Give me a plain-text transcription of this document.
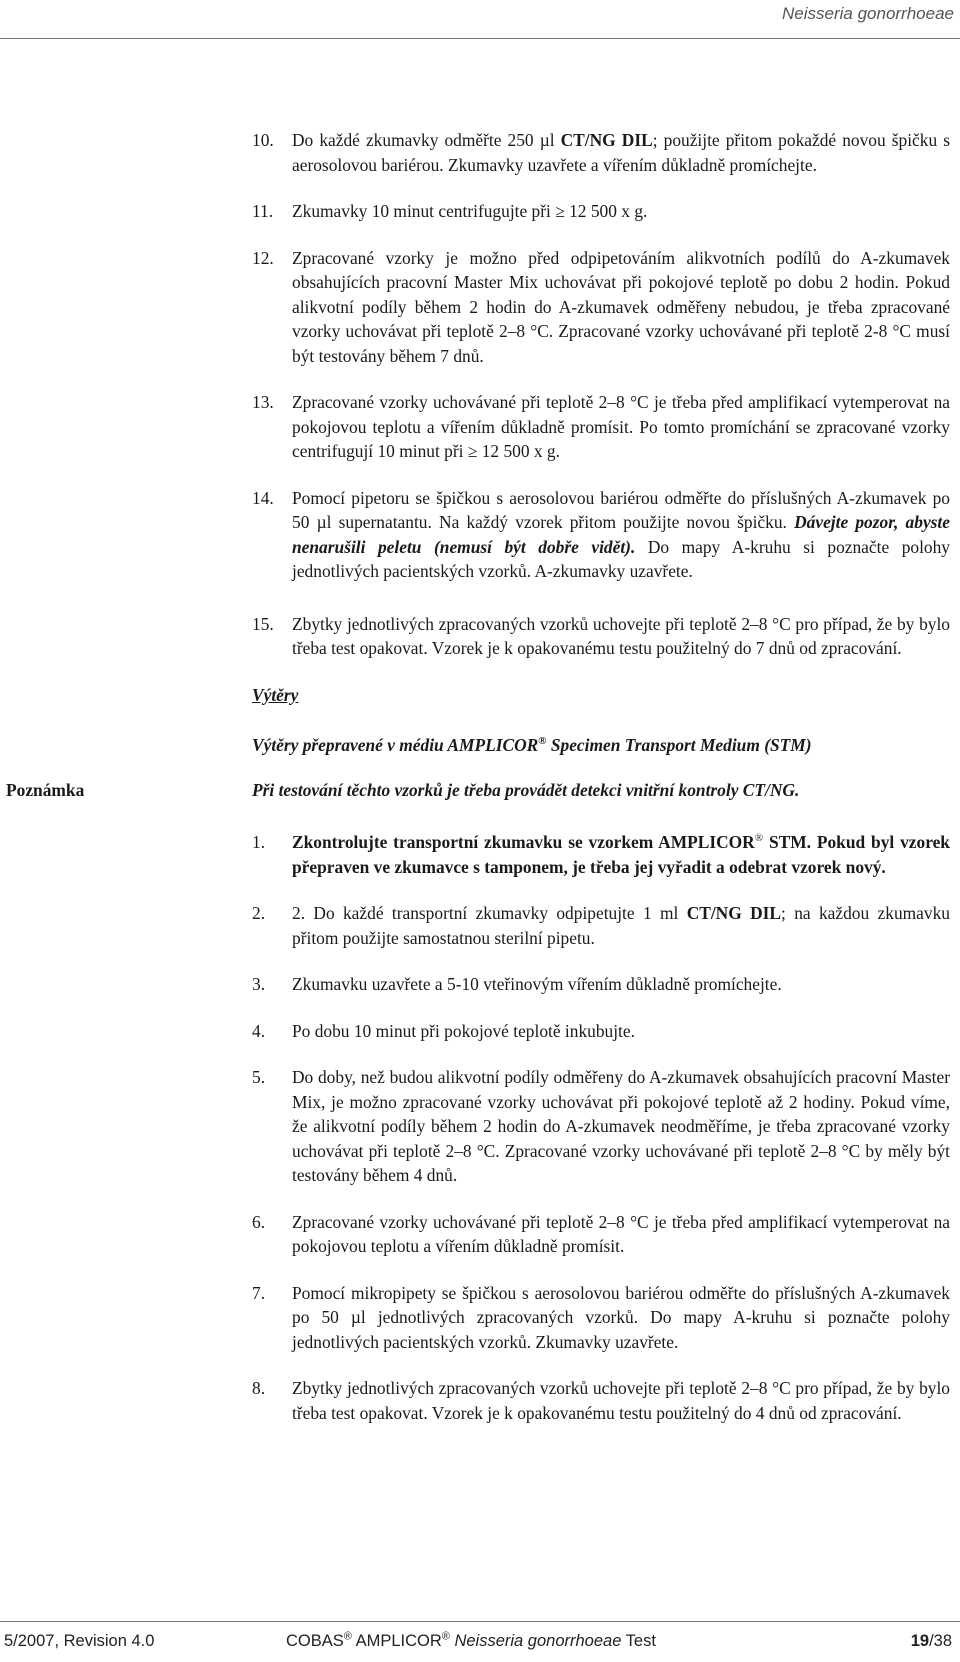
Neisseria gonorrhoeae
10.	Do každé zkumavky odměřte 250 µl CT/NG DIL; použijte přitom pokaždé novou špičku s aerosolovou bariérou. Zkumavky uzavřete a vířením důkladně promíchejte.
11.	Zkumavky 10 minut centrifugujte při ≥ 12 500 x g.
12.	Zpracované vzorky je možno před odpipetováním alikvotních podílů do A-zkumavek obsahujících pracovní Master Mix uchovávat při pokojové teplotě po dobu 2 hodin. Pokud alikvotní podíly během 2 hodin do A-zkumavek odměřeny nebudou, je třeba zpracované vzorky uchovávat při teplotě 2–8 °C. Zpracované vzorky uchovávané při teplotě 2-8 °C musí být testovány během 7 dnů.
13.	Zpracované vzorky uchovávané při teplotě 2–8 °C je třeba před amplifikací vytemperovat na pokojovou teplotu a vířením důkladně promísit. Po tomto promíchání se zpracované vzorky centrifugují 10 minut při ≥ 12 500 x g.
14.	Pomocí pipetoru se špičkou s aerosolovou bariérou odměřte do příslušných A-zkumavek po 50 µl supernatantu. Na každý vzorek přitom použijte novou špičku. Dávejte pozor, abyste nenarušili peletu (nemusí být dobře vidět). Do mapy A-kruhu si poznačte polohy jednotlivých pacientských vzorků. A-zkumavky uzavřete.
15.	Zbytky jednotlivých zpracovaných vzorků uchovejte při teplotě 2–8 °C pro případ, že by bylo třeba test opakovat. Vzorek je k opakovanému testu použitelný do 7 dnů od zpracování.
Výtěry
Výtěry přepravené v médiu AMPLICOR® Specimen Transport Medium (STM)
Poznámka	Při testování těchto vzorků je třeba provádět detekci vnitřní kontroly CT/NG.
1.	Zkontrolujte transportní zkumavku se vzorkem AMPLICOR® STM. Pokud byl vzorek přepraven ve zkumavce s tamponem, je třeba jej vyřadit a odebrat vzorek nový.
2.	2. Do každé transportní zkumavky odpipetujte 1 ml CT/NG DIL; na každou zkumavku přitom použijte samostatnou sterilní pipetu.
3.	Zkumavku uzavřete a 5-10 vteřinovým vířením důkladně promíchejte.
4.	Po dobu 10 minut při pokojové teplotě inkubujte.
5.	Do doby, než budou alikvotní podíly odměřeny do A-zkumavek obsahujících pracovní Master Mix, je možno zpracované vzorky uchovávat při pokojové teplotě až 2 hodiny. Pokud víme, že alikvotní podíly během 2 hodin do A-zkumavek neodměříme, je třeba zpracované vzorky uchovávat při teplotě 2–8 °C. Zpracované vzorky uchovávané při teplotě 2–8 °C by měly být testovány během 4 dnů.
6.	Zpracované vzorky uchovávané při teplotě 2–8 °C je třeba před amplifikací vytemperovat na pokojovou teplotu a vířením důkladně promísit.
7.	Pomocí mikropipety se špičkou s aerosolovou bariérou odměřte do příslušných A-zkumavek po 50 µl jednotlivých zpracovaných vzorků. Do mapy A-kruhu si poznačte polohy jednotlivých pacientských vzorků. Zkumavky uzavřete.
8.	Zbytky jednotlivých zpracovaných vzorků uchovejte při teplotě 2–8 °C pro případ, že by bylo třeba test opakovat. Vzorek je k opakovanému testu použitelný do 4 dnů od zpracování.
5/2007, Revision 4.0	COBAS® AMPLICOR® Neisseria gonorrhoeae Test	19/38
